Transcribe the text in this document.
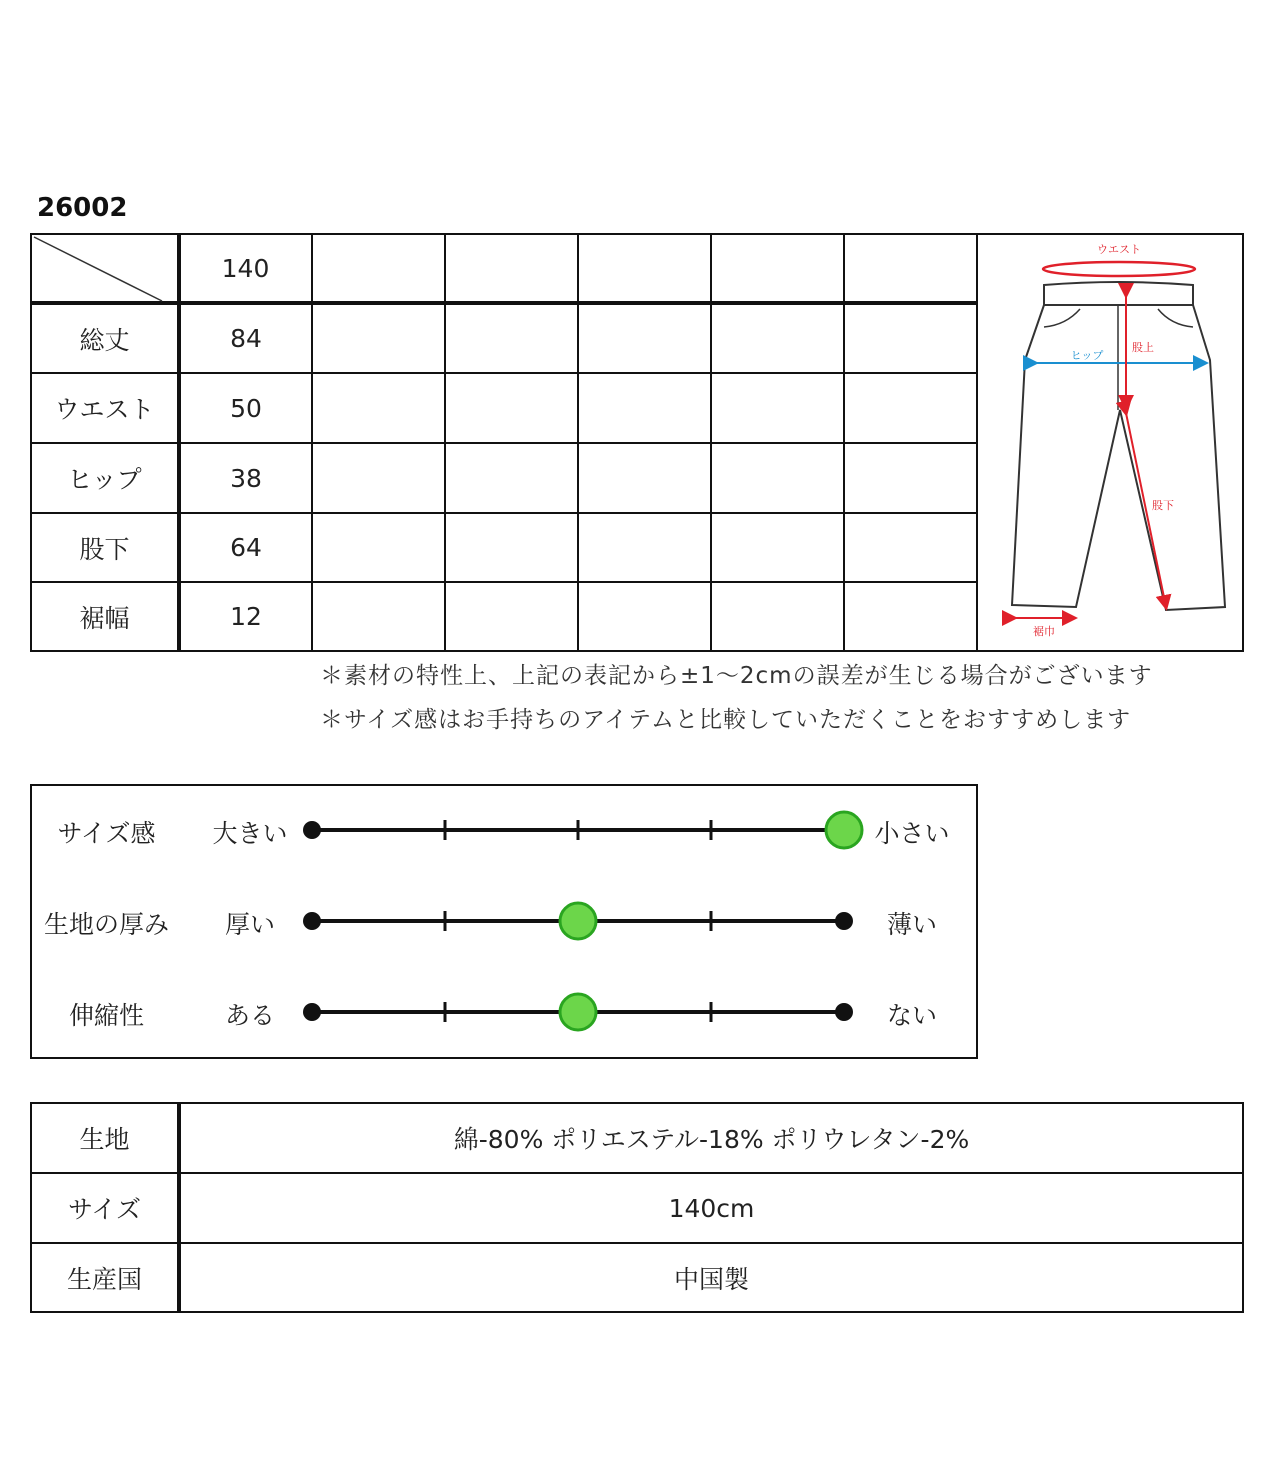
26002
140
総丈	84
ウエスト	50
ヒップ	38
股下	64
裾幅	12
ウエスト
股上
ヒップ
股下
裾巾
＊素材の特性上、上記の表記から±1〜2cmの誤差が生じる場合がございます
＊サイズ感はお手持ちのアイテムと比較していただくことをおすすめします
サイズ感	大きい	小さい
生地の厚み	厚い	薄い
伸縮性	ある	ない
生地	綿-80% ポリエステル-18% ポリウレタン-2%
サイズ	140cm
生産国	中国製
